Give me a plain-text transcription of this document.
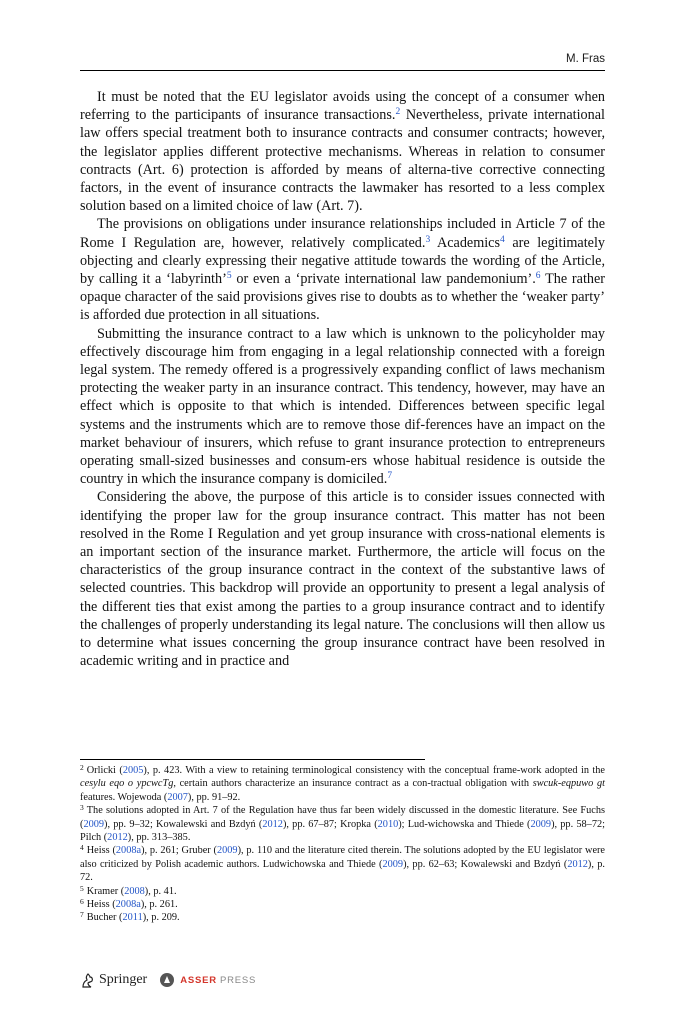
M. Fras

It must be noted that the EU legislator avoids using the concept of a consumer when referring to the participants of insurance transactions.$^2$ Nevertheless, private international law offers special treatment both to insurance contracts and consumer contracts; however, the legislator applies different protective mechanisms. Whereas in relation to consumer contracts (Art. 6) protection is afforded by means of alterna-tive corrective connecting factors, in the event of insurance contracts the lawmaker has resorted to a less complex solution based on a limited choice of law (Art. 7).

The provisions on obligations under insurance relationships included in Article 7 of the Rome I Regulation are, however, relatively complicated.$^3$ Academics$^4$ are legitimately objecting and clearly expressing their negative attitude towards the wording of the Article, by calling it a ‘labyrinth’$^5$ or even a ‘private international law pandemonium’.$^6$ The rather opaque character of the said provisions gives rise to doubts as to whether the ‘weaker party’ is afforded due protection in all situations.

Submitting the insurance contract to a law which is unknown to the policyholder may effectively discourage him from engaging in a legal relationship connected with a foreign legal system. The remedy offered is a progressively expanding conflict of laws mechanism protecting the weaker party in an insurance contract. This tendency, however, may have an effect which is opposite to that which is intended. Differences between specific legal systems and the instruments which are to remove those dif-ferences have an impact on the market behaviour of insurers, which refuse to grant insurance protection to entrepreneurs operating small-sized businesses and consum-ers whose habitual residence is outside the country in which the insurance company is domiciled.$^7$

Considering the above, the purpose of this article is to consider issues connected with identifying the proper law for the group insurance contract. This matter has not been resolved in the Rome I Regulation and yet group insurance with cross-national elements is an important section of the insurance market. Furthermore, the article will focus on the characteristics of the group insurance contract in the context of the substantive laws of selected countries. This backdrop will provide an opportunity to present a legal analysis of the different ties that exist among the parties to a group insurance contract and to identify the challenges of properly understanding its legal nature. The conclusions will then allow us to determine what issues concerning the group insurance contract have been resolved in academic writing and in practice and

$^2$ Orlicki (2005), p. 423. With a view to retaining terminological consistency with the conceptual frame-work adopted in the cesуlu eqo о уpcwcTg, certain authors characterize an insurance contract as a con-tractual obligation with swcuk-eqpuwo gt features. Wojewoda (2007), pp. 91–92.

$^3$ The solutions adopted in Art. 7 of the Regulation have thus far been widely discussed in the domestic literature. See Fuchs (2009), pp. 9–32; Kowalewski and Bzdyń (2012), pp. 67–87; Kropka (2010); Lud-wichowska and Thiede (2009), pp. 58–72; Pilch (2012), pp. 313–385.

$^4$ Heiss (2008a), p. 261; Gruber (2009), p. 110 and the literature cited therein. The solutions adopted by the EU legislator were also criticized by Polish academic authors. Ludwichowska and Thiede (2009), pp. 62–63; Kowalewski and Bzdyń (2012), p. 72.

$^5$ Kramer (2008), p. 41.

$^6$ Heiss (2008a), p. 261.

$^7$ Bucher (2011), p. 209.

Springer	ASSER PRESS
